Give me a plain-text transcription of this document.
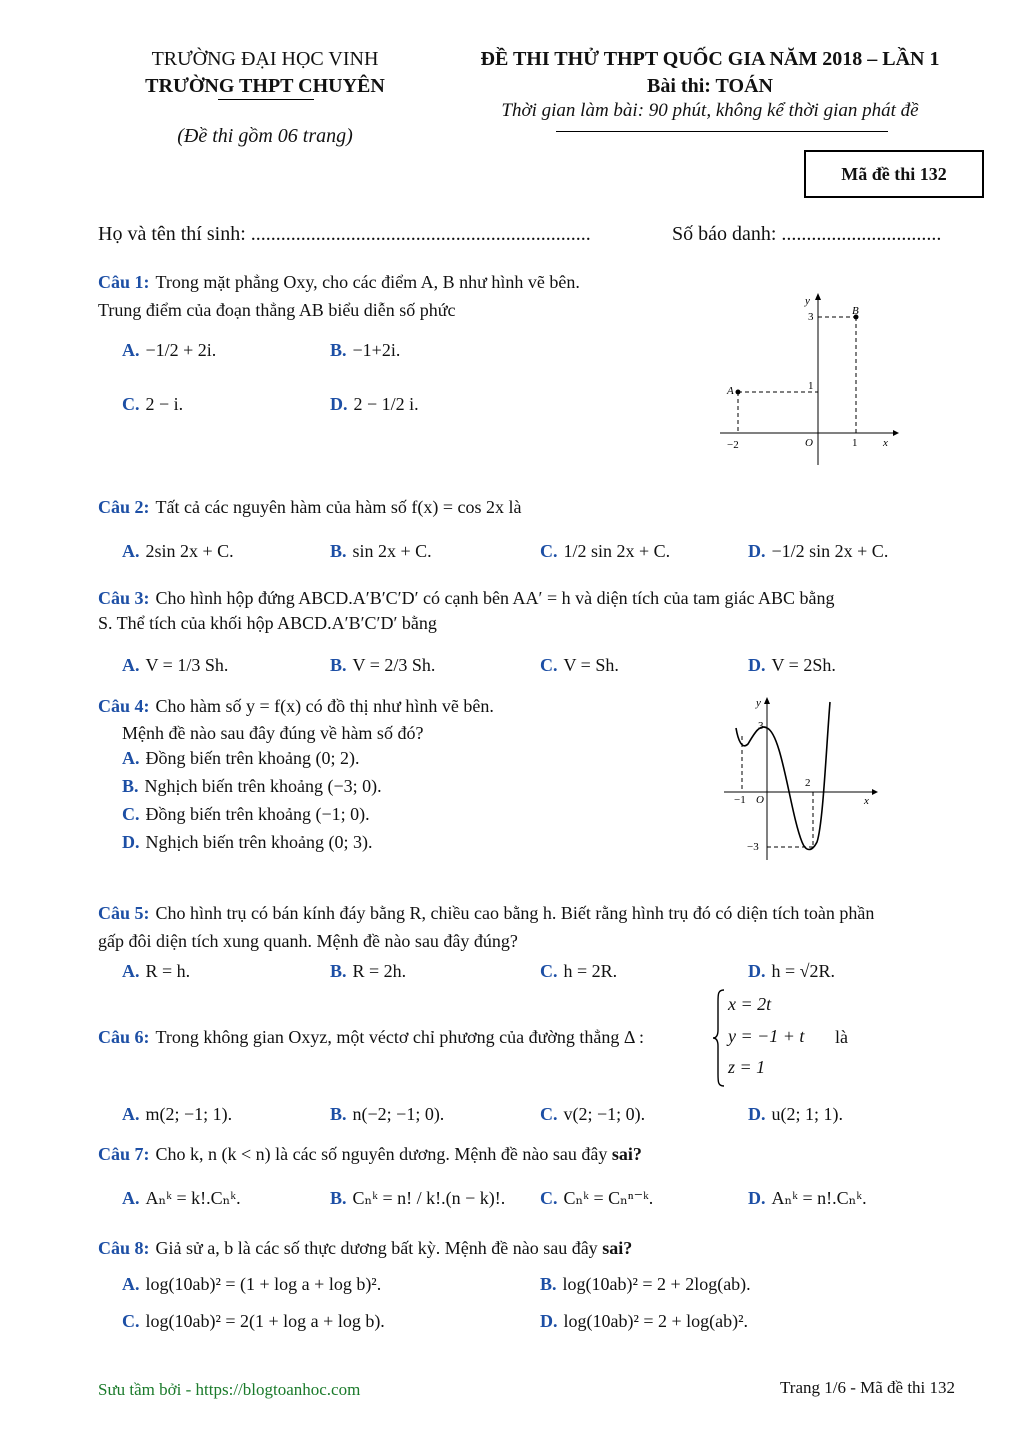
TRƯỜNG ĐẠI HỌC VINH
TRƯỜNG THPT CHUYÊN
(Đề thi gồm 06 trang)
ĐỀ THI THỬ THPT QUỐC GIA NĂM 2018 – LẦN 1
Bài thi: TOÁN
Thời gian làm bài: 90 phút, không kể thời gian phát đề
Mã đề thi 132
Họ và tên thí sinh: ....................................................................	Số báo danh: ................................
Câu 1: Trong mặt phẳng Oxy, cho các điểm A, B như hình vẽ bên.
Trung điểm của đoạn thẳng AB biểu diễn số phức
A. −1/2 + 2i.	B. −1+2i.
C. 2 − i.	D. 2 − 1/2 i.
3
1
−2	1
O
A
B
x
y
Câu 2: Tất cả các nguyên hàm của hàm số f(x) = cos 2x là
A. 2sin 2x + C.	B. sin 2x + C.	C. 1/2 sin 2x + C.	D. −1/2 sin 2x + C.
Câu 3: Cho hình hộp đứng ABCD.A′B′C′D′ có cạnh bên AA′ = h và diện tích của tam giác ABC bằng
S. Thể tích của khối hộp ABCD.A′B′C′D′ bằng
A. V = 1/3 Sh.	B. V = 2/3 Sh.	C. V = Sh.	D. V = 2Sh.
Câu 4: Cho hàm số y = f(x) có đồ thị như hình vẽ bên.
Mệnh đề nào sau đây đúng về hàm số đó?
A. Đồng biến trên khoảng (0; 2).
B. Nghịch biến trên khoảng (−3; 0).
C. Đồng biến trên khoảng (−1; 0).
D. Nghịch biến trên khoảng (0; 3).
3
−3
2
−1 O	x
y
Câu 5: Cho hình trụ có bán kính đáy bằng R, chiều cao bằng h. Biết rằng hình trụ đó có diện tích toàn phần
gấp đôi diện tích xung quanh. Mệnh đề nào sau đây đúng?
A. R = h.	B. R = 2h.	C. h = 2R.	D. h = √2R.
Câu 6: Trong không gian Oxyz, một véctơ chỉ phương của đường thẳng Δ :
x = 2t
y = −1 + t
z = 1
là
A. m(2; −1; 1).	B. n(−2; −1; 0).	C. v(2; −1; 0).	D. u(2; 1; 1).
Câu 7: Cho k, n (k < n) là các số nguyên dương. Mệnh đề nào sau đây sai?
A. Aₙᵏ = k!.Cₙᵏ.	B. Cₙᵏ = n! / k!.(n − k)!. C. Cₙᵏ = Cₙⁿ⁻ᵏ.	D. Aₙᵏ = n!.Cₙᵏ.
Câu 8: Giả sử a, b là các số thực dương bất kỳ. Mệnh đề nào sau đây sai?
A. log(10ab)² = (1 + log a + log b)².	B. log(10ab)² = 2 + 2log(ab).
C. log(10ab)² = 2(1 + log a + log b).	D. log(10ab)² = 2 + log(ab)².
Sưu tầm bởi - https://blogtoanhoc.com	Trang 1/6 - Mã đề thi 132
